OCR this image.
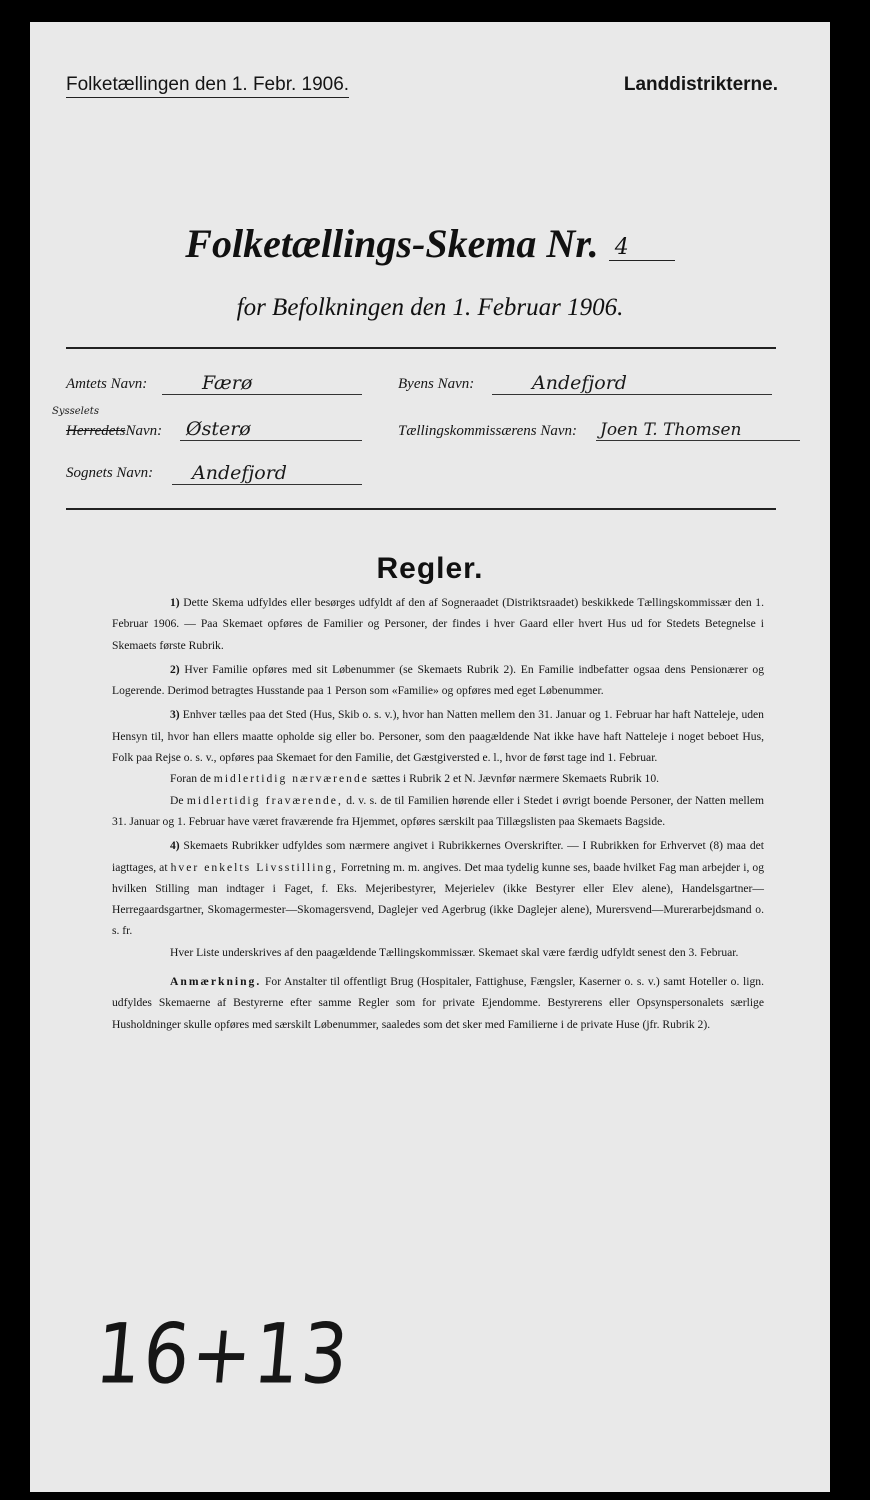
Folketællingen den 1. Febr. 1906.	Landdistrikterne.
Folketællings-Skema Nr. 4
for Befolkningen den 1. Februar 1906.
Amtets Navn:	Færø
Sysselets
HerredetsNavn: Østerø
Sognets Navn: Andefjord
Byens Navn:	Andefjord
Tællingskommissærens Navn: Joen T. Thomsen
Regler.

1) Dette Skema udfyldes eller besørges udfyldt af den af Sogneraadet (Distriktsraadet) beskikkede Tællingskommissær den 1. Februar 1906. — Paa Skemaet opføres de Familier og Personer, der findes i hver Gaard eller hvert Hus ud for Stedets Betegnelse i Skemaets første Rubrik.

2) Hver Familie opføres med sit Løbenummer (se Skemaets Rubrik 2). En Familie indbefatter ogsaa dens Pensionærer og Logerende. Derimod betragtes Husstande paa 1 Person som «Familie» og opføres med eget Løbenummer.

3) Enhver tælles paa det Sted (Hus, Skib o. s. v.), hvor han Natten mellem den 31. Januar og 1. Februar har haft Natteleje, uden Hensyn til, hvor han ellers maatte opholde sig eller bo. Personer, som den paagældende Nat ikke have haft Natteleje i noget beboet Hus, Folk paa Rejse o. s. v., opføres paa Skemaet for den Familie, det Gæstgiversted e. l., hvor de først tage ind 1. Februar.

Foran de midlertidig nærværende sættes i Rubrik 2 et N. Jævnfør nærmere Skemaets Rubrik 10.

De midlertidig fraværende, d. v. s. de til Familien hørende eller i Stedet i øvrigt boende Personer, der Natten mellem 31. Januar og 1. Februar have været fraværende fra Hjemmet, opføres særskilt paa Tillægslisten paa Skemaets Bagside.

4) Skemaets Rubrikker udfyldes som nærmere angivet i Rubrikkernes Overskrifter. — I Rubrikken for Erhvervet (8) maa det iagttages, at hver enkelts Livsstilling, Forretning m. m. angives. Det maa tydelig kunne ses, baade hvilket Fag man arbejder i, og hvilken Stilling man indtager i Faget, f. Eks. Mejeribestyrer, Mejerielev (ikke Bestyrer eller Elev alene), Handelsgartner—Herregaardsgartner, Skomagermester—Skomagersvend, Daglejer ved Agerbrug (ikke Daglejer alene), Murersvend—Murerarbejdsmand o. s. fr.

Hver Liste underskrives af den paagældende Tællingskommissær. Skemaet skal være færdig udfyldt senest den 3. Februar.

Anmærkning. For Anstalter til offentligt Brug (Hospitaler, Fattighuse, Fængsler, Kaserner o. s. v.) samt Hoteller o. lign. udfyldes Skemaerne af Bestyrerne efter samme Regler som for private Ejendomme. Bestyrerens eller Opsynspersonalets særlige Husholdninger skulle opføres med særskilt Løbenummer, saaledes som det sker med Familierne i de private Huse (jfr. Rubrik 2).

16+13
